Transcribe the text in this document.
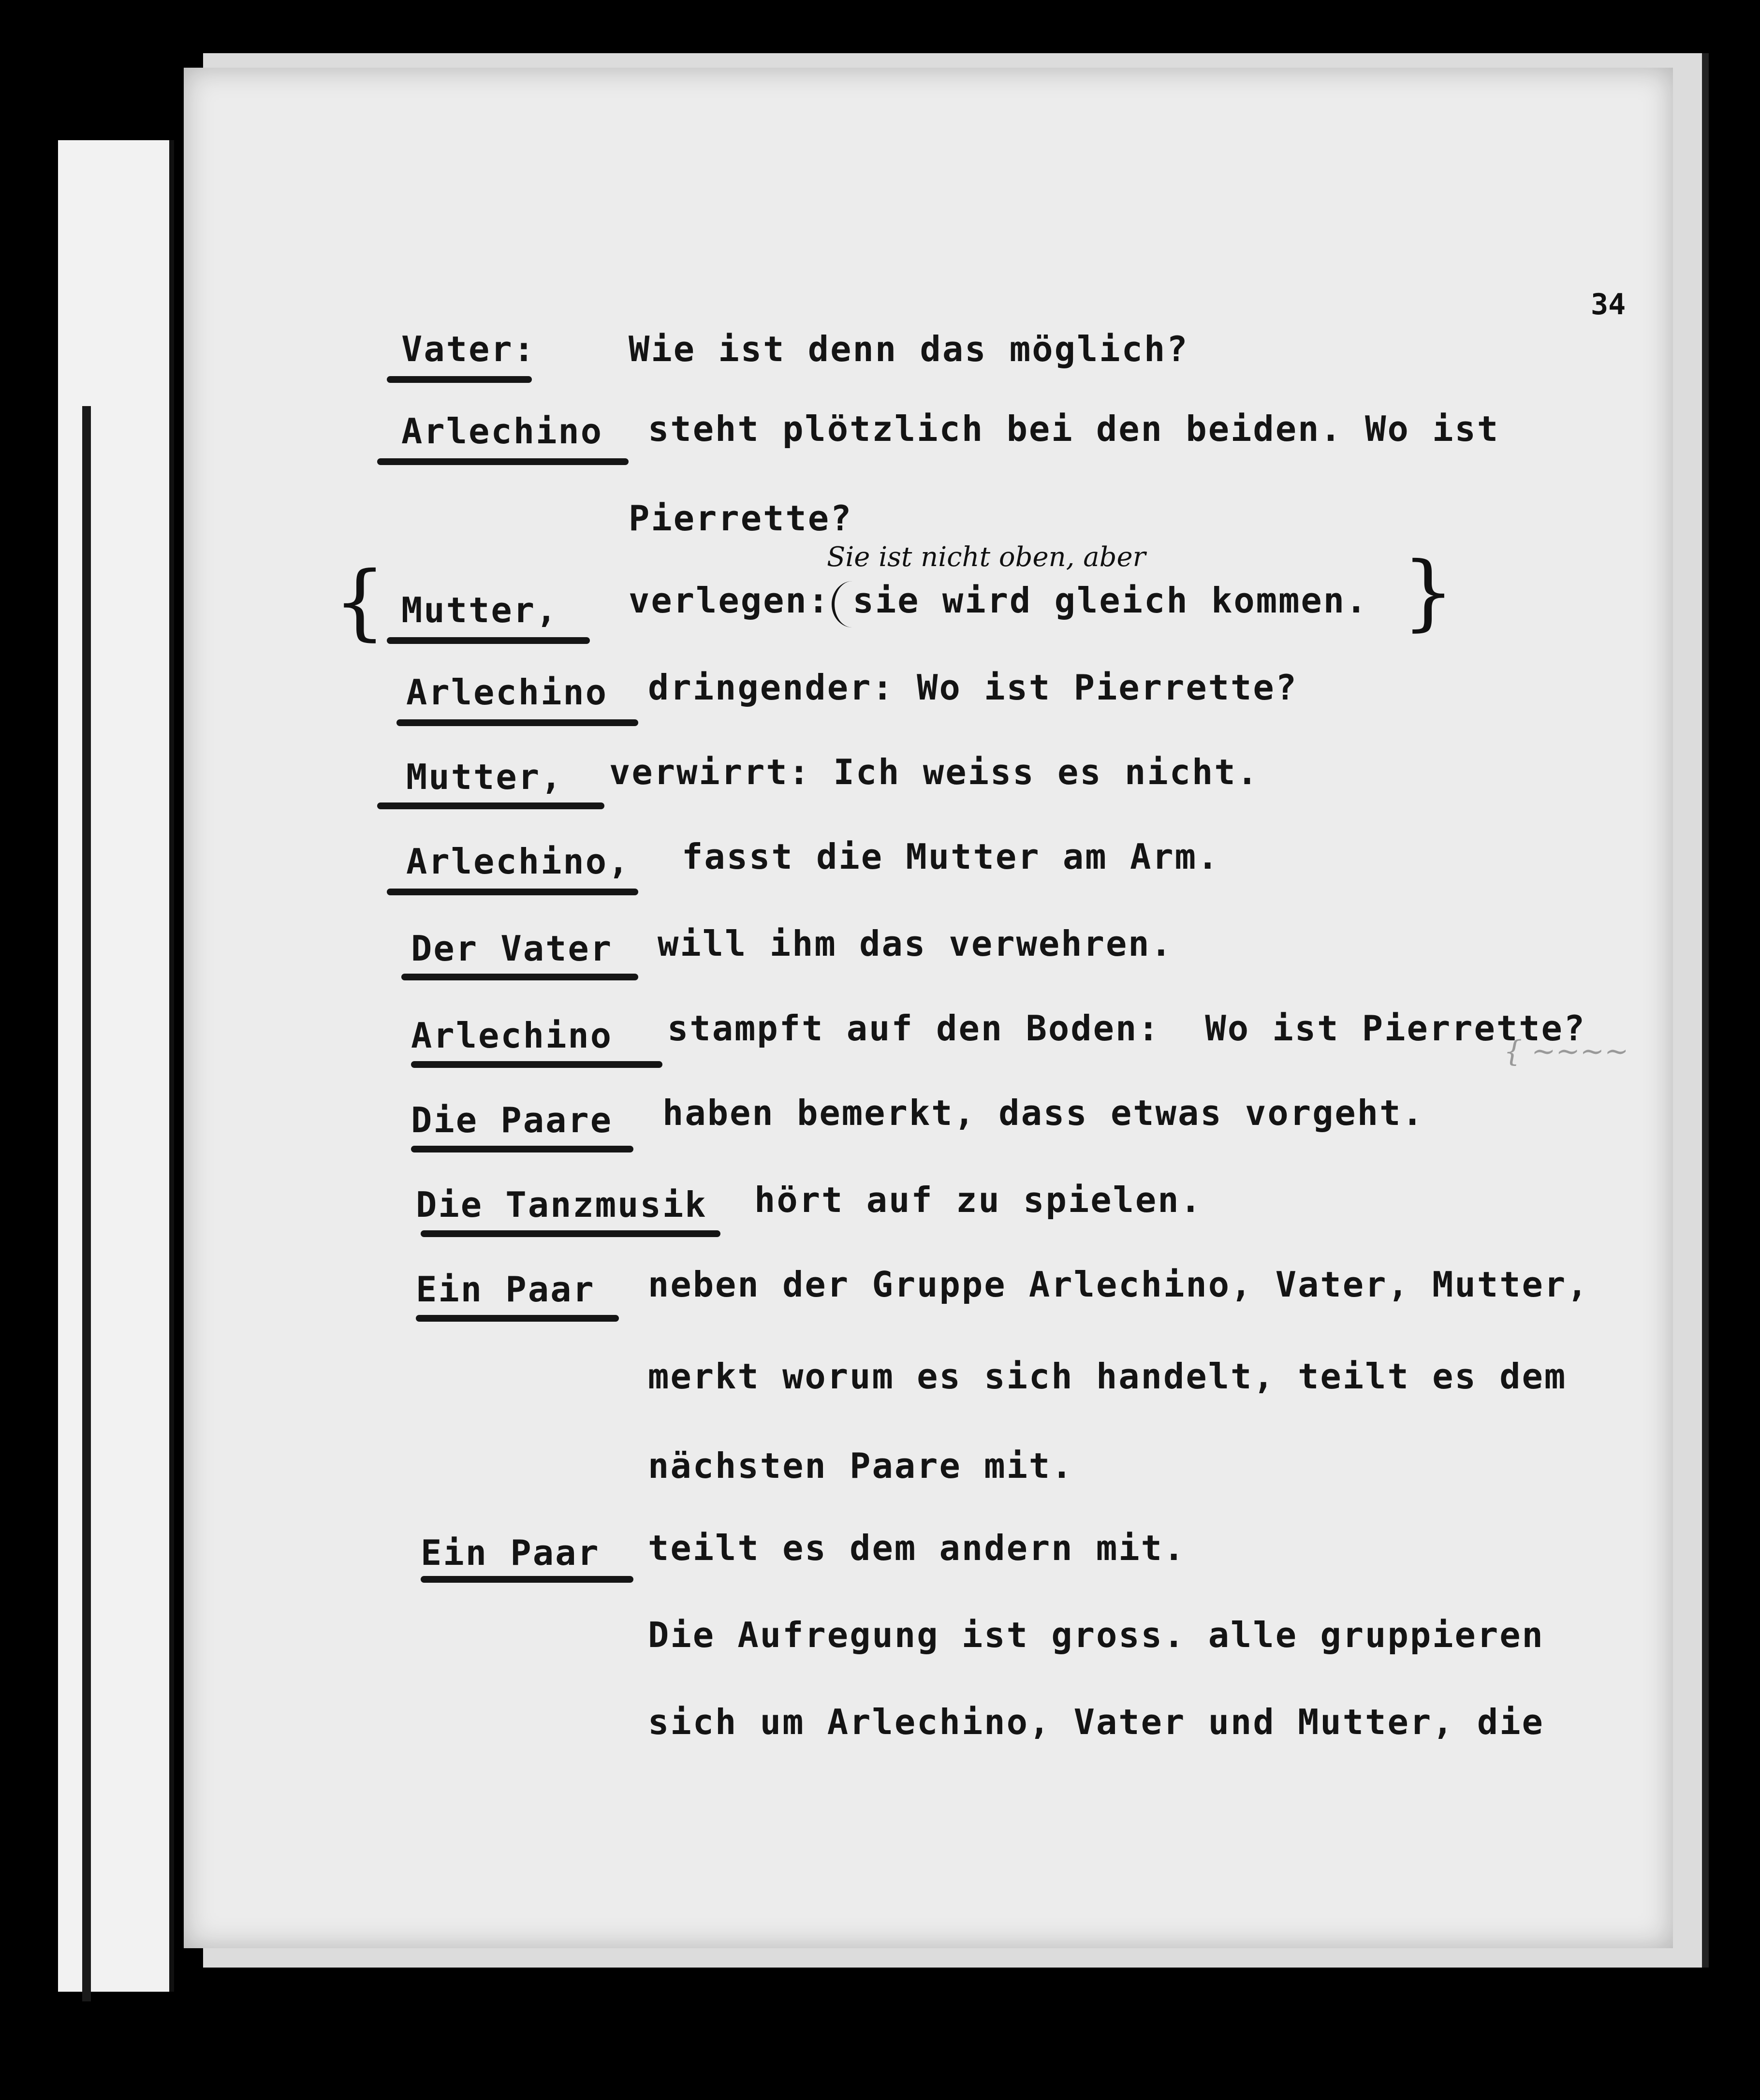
34
Vater:	Wie ist denn das möglich?
Arlechino steht plötzlich bei den beiden. Wo ist
Pierrette?
{ Mutter, verlegen: sie wird gleich kommen.
Sie ist nicht oben, aber	}
Arlechino dringender: Wo ist Pierrette?
Mutter, verwirrt: Ich weiss es nicht.
Arlechino, fasst die Mutter am Arm.
Der Vater will ihm das verwehren.
Arlechino stampft auf den Boden:  Wo ist Pierrette?
{ ~~~~
Die Paare haben bemerkt, dass etwas vorgeht.
Die Tanzmusik hört auf zu spielen.
Ein Paar neben der Gruppe Arlechino, Vater, Mutter,
merkt worum es sich handelt, teilt es dem
nächsten Paare mit.
Ein Paar teilt es dem andern mit.
Die Aufregung ist gross. alle gruppieren
sich um Arlechino, Vater und Mutter, die
